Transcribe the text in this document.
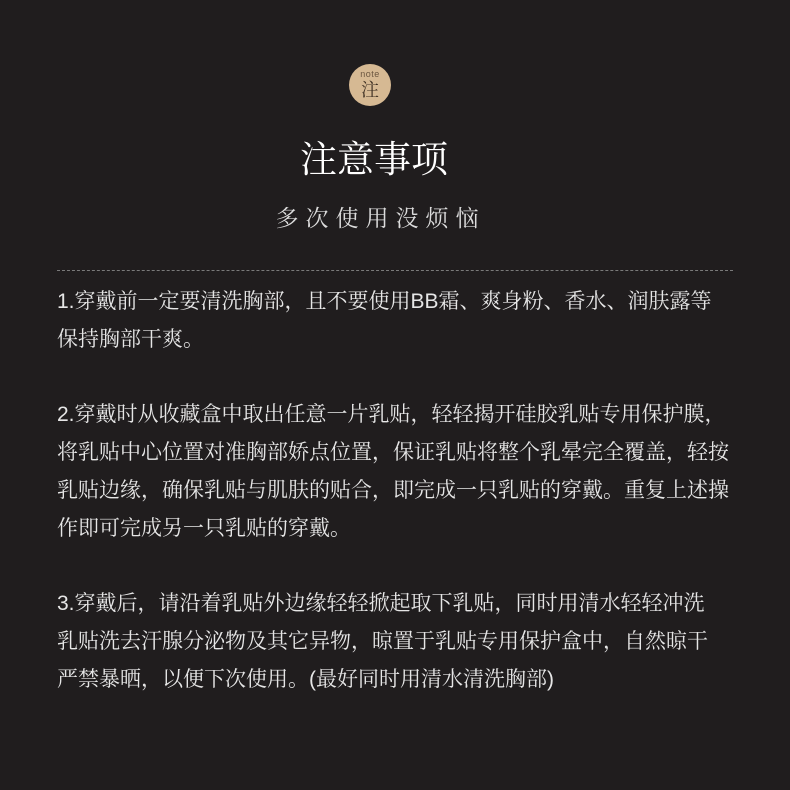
note
注
注意事项
多次使用没烦恼
1.穿戴前一定要清洗胸部，且不要使用BB霜、爽身粉、香水、润肤露等
保持胸部干爽。
2.穿戴时从收藏盒中取出任意一片乳贴，轻轻揭开硅胶乳贴专用保护膜，
将乳贴中心位置对准胸部娇点位置，保证乳贴将整个乳晕完全覆盖，轻按
乳贴边缘，确保乳贴与肌肤的贴合，即完成一只乳贴的穿戴。重复上述操
作即可完成另一只乳贴的穿戴。
3.穿戴后，请沿着乳贴外边缘轻轻掀起取下乳贴，同时用清水轻轻冲洗
乳贴洗去汗腺分泌物及其它异物，晾置于乳贴专用保护盒中，自然晾干
严禁暴晒，以便下次使用。(最好同时用清水清洗胸部)
